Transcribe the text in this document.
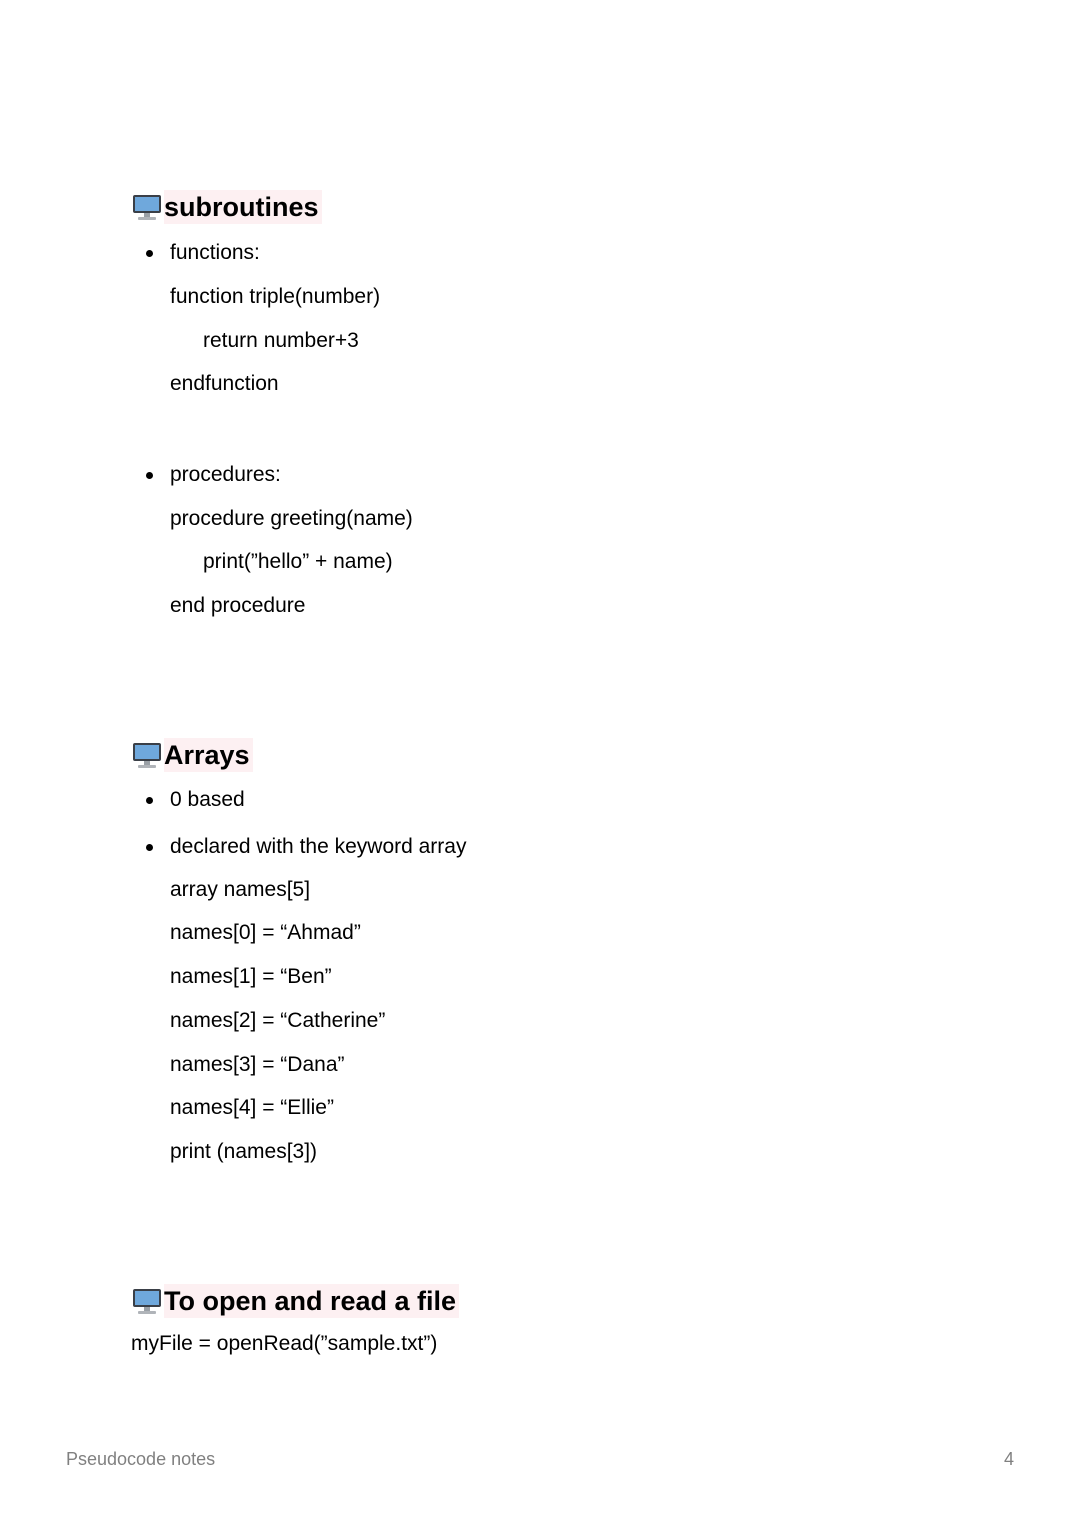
subroutines
functions:
function triple(number)
return number+3
endfunction
procedures:
procedure greeting(name)
print(”hello” + name)
end procedure
Arrays
0 based
declared with the keyword array
array names[5]
names[0] = “Ahmad”
names[1] = “Ben”
names[2] = “Catherine”
names[3] = “Dana”
names[4] = “Ellie”
print (names[3])
To open and read a file
myFile = openRead(”sample.txt”)
Pseudocode notes	4
